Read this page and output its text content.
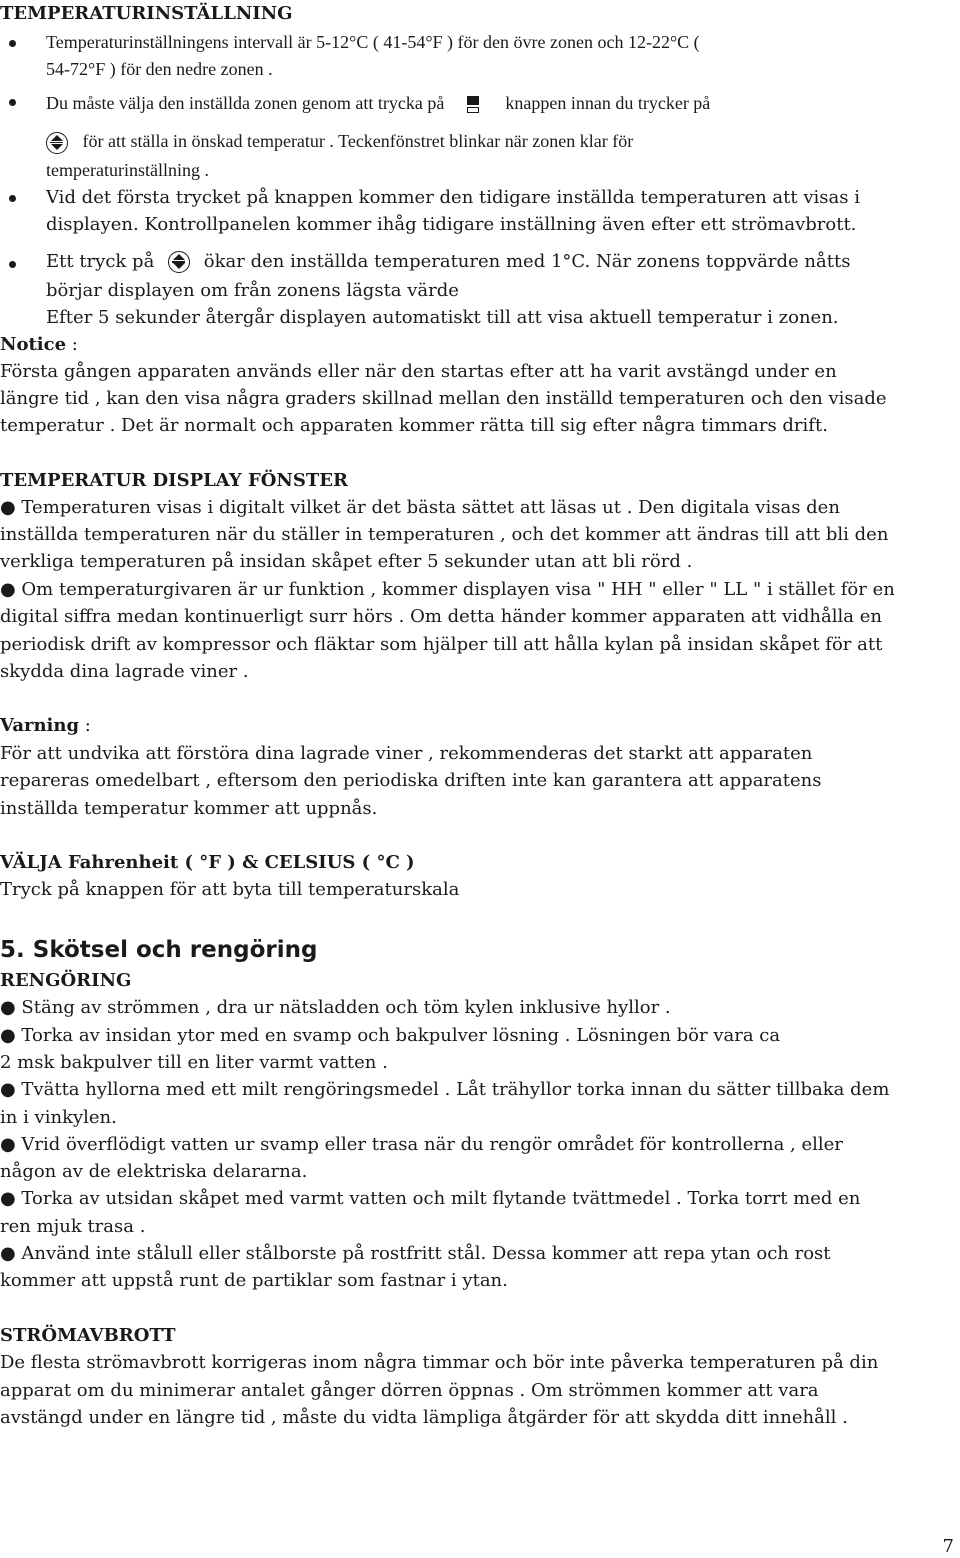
TEMPERATURINSTÄLLNING
Temperaturinställningens intervall är 5-12°C ( 41-54°F ) för den övre zonen och 12-22°C (
54-72°F ) för den nedre zonen .
Du måste välja den inställda zonen genom att trycka på	knappen innan du trycker på
för att ställa in önskad temperatur . Teckenfönstret blinkar när zonen klar för
temperaturinställning .
Vid det första trycket på knappen kommer den tidigare inställda temperaturen att visas i
displayen. Kontrollpanelen kommer ihåg tidigare inställning även efter ett strömavbrott.
Ett tryck på	ökar den inställda temperaturen med 1°C. När zonens toppvärde nåtts
börjar displayen om från zonens lägsta värde
Efter 5 sekunder återgår displayen automatiskt till att visa aktuell temperatur i zonen.
Notice :
Första gången apparaten används eller när den startas efter att ha varit avstängd under en
längre tid , kan den visa några graders skillnad mellan den inställd temperaturen och den visade
temperatur . Det är normalt och apparaten kommer rätta till sig efter några timmars drift.
TEMPERATUR DISPLAY FÖNSTER
● Temperaturen visas i digitalt vilket är det bästa sättet att läsas ut . Den digitala visas den
inställda temperaturen när du ställer in temperaturen , och det kommer att ändras till att bli den
verkliga temperaturen på insidan skåpet efter 5 sekunder utan att bli rörd .
● Om temperaturgivaren är ur funktion , kommer displayen visa " HH " eller " LL " i stället för en
digital siffra medan kontinuerligt surr hörs . Om detta händer kommer apparaten att vidhålla en
periodisk drift av kompressor och fläktar som hjälper till att hålla kylan på insidan skåpet för att
skydda dina lagrade viner .
Varning :
För att undvika att förstöra dina lagrade viner , rekommenderas det starkt att apparaten
repareras omedelbart , eftersom den periodiska driften inte kan garantera att apparatens
inställda temperatur kommer att uppnås.
VÄLJA Fahrenheit ( °F ) & CELSIUS ( °C )
Tryck på knappen för att byta till temperaturskala
5. Skötsel och rengöring
RENGÖRING
● Stäng av strömmen , dra ur nätsladden och töm kylen inklusive hyllor .
● Torka av insidan ytor med en svamp och bakpulver lösning . Lösningen bör vara ca
2 msk bakpulver till en liter varmt vatten .
● Tvätta hyllorna med ett milt rengöringsmedel . Låt trähyllor torka innan du sätter tillbaka dem
in i vinkylen.
● Vrid överflödigt vatten ur svamp eller trasa när du rengör området för kontrollerna , eller
någon av de elektriska delararna.
● Torka av utsidan skåpet med varmt vatten och milt flytande tvättmedel . Torka torrt med en
ren mjuk trasa .
● Använd inte stålull eller stålborste på rostfritt stål. Dessa kommer att repa ytan och rost
kommer att uppstå runt de partiklar som fastnar i ytan.
STRÖMAVBROTT
De flesta strömavbrott korrigeras inom några timmar och bör inte påverka temperaturen på din
apparat om du minimerar antalet gånger dörren öppnas . Om strömmen kommer att vara
avstängd under en längre tid , måste du vidta lämpliga åtgärder för att skydda ditt innehåll .
7
